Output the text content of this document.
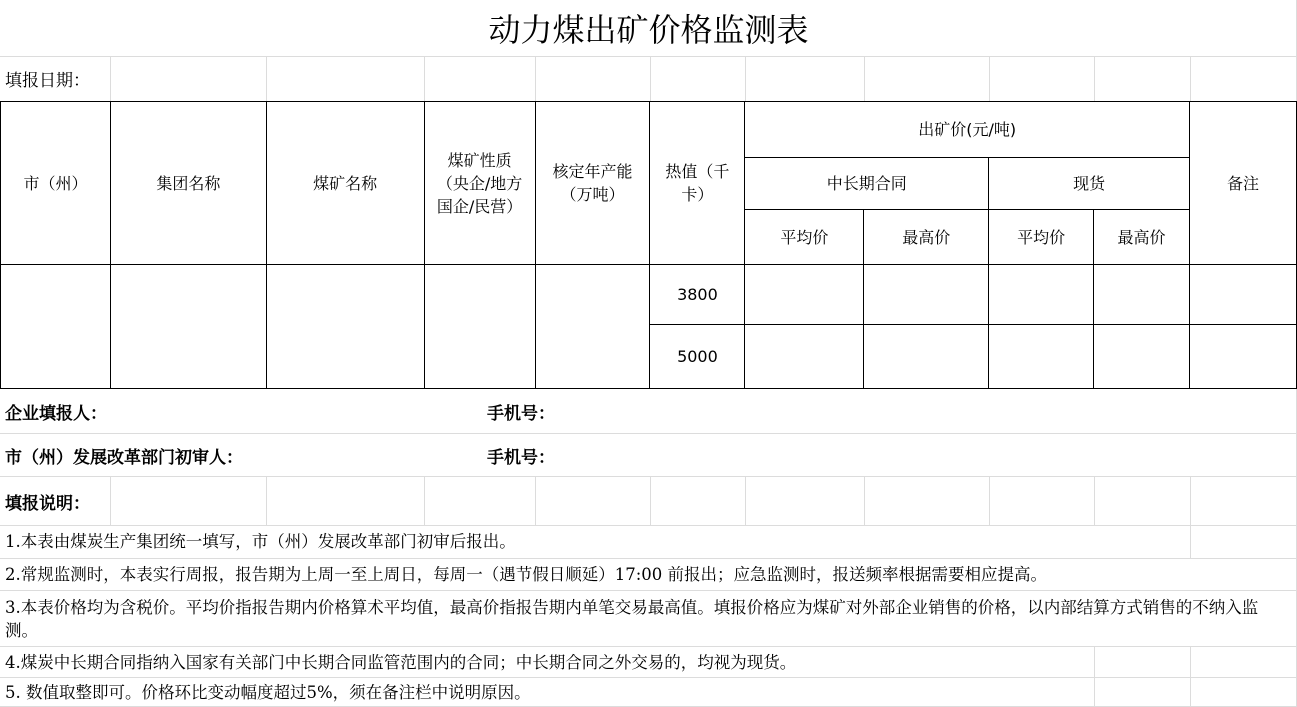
动力煤出矿价格监测表
填报日期：
市（州）	集团名称	煤矿名称	煤矿性质（央企/地方国企/民营）	核定年产能（万吨）	热值（千卡）	出矿价(元/吨)				备注
						中长期合同		现货		
						平均价	最高价	平均价	最高价	
					3800					
					5000					
企业填报人：	手机号：
市（州）发展改革部门初审人：	手机号：
填报说明：
1.本表由煤炭生产集团统一填写，市（州）发展改革部门初审后报出。
2.常规监测时，本表实行周报，报告期为上周一至上周日，每周一（遇节假日顺延）17:00 前报出；应急监测时，报送频率根据需要相应提高。
3.本表价格均为含税价。平均价指报告期内价格算术平均值，最高价指报告期内单笔交易最高值。填报价格应为煤矿对外部企业销售的价格，以内部结算方式销售的不纳入监测。
4.煤炭中长期合同指纳入国家有关部门中长期合同监管范围内的合同；中长期合同之外交易的，均视为现货。
5. 数值取整即可。价格环比变动幅度超过5%，须在备注栏中说明原因。
